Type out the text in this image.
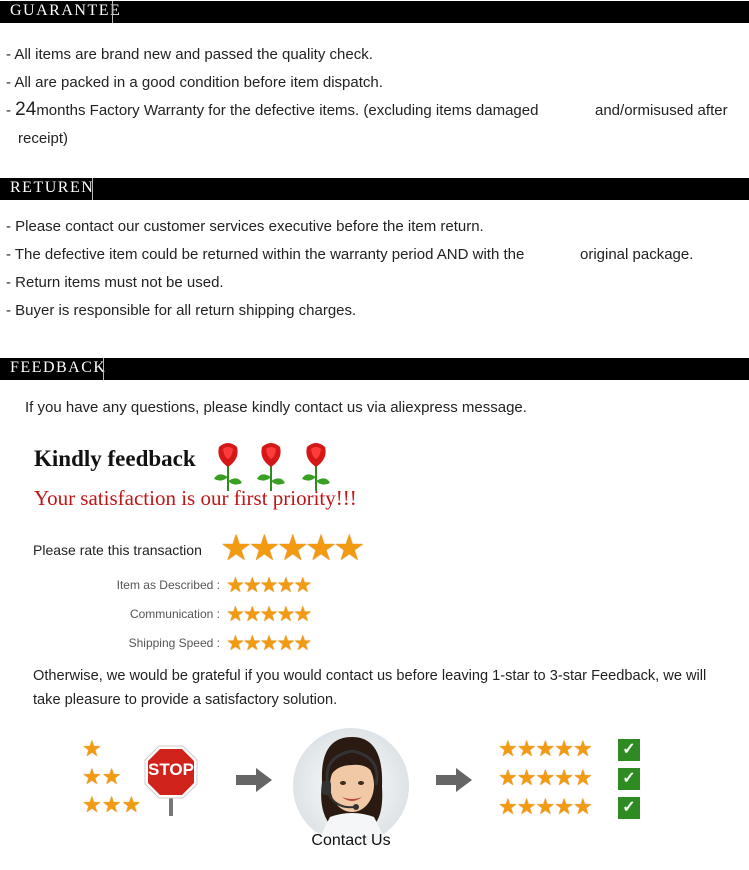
GUARANTEE
- All items are brand new and passed the quality check.
- All are packed in a good condition before item dispatch.
- 24months Factory Warranty for the defective items. (excluding items damaged	and/ormisused after
receipt)
RETUREN
- Please contact our customer services executive before the item return.
- The defective item could be returned within the warranty period AND with the	original package.
- Return items must not be used.
- Buyer is responsible for all return shipping charges.
FEEDBACK
If you have any questions, please kindly contact us via aliexpress message.
Kindly feedback
Your satisfaction is our first priority!!!
Please rate this transaction ★ ★ ★ ★ ★
Item as Described : ★ ★ ★ ★ ★
Communication : ★ ★ ★ ★ ★
Shipping Speed : ★ ★ ★ ★ ★
Otherwise, we would be grateful if you would contact us before leaving 1-star to 3-star Feedback, we will
take pleasure to provide a satisfactory solution.
★
★ ★
★ ★ ★
STOP
Contact Us
★ ★ ★ ★ ★
★ ★ ★ ★ ★
★ ★ ★ ★ ★
✓
✓
✓
